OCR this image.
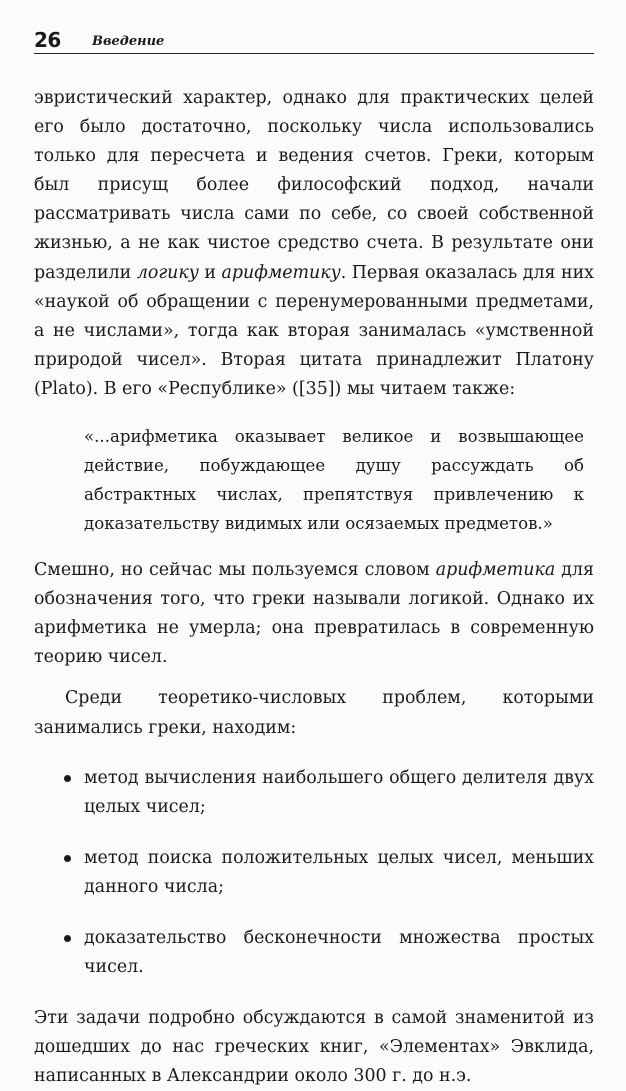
26 Введение

эвристический характер, однако для практических целей его было достаточно, поскольку числа использовались только для пересчета и ведения счетов. Греки, которым был присущ более философский подход, начали рассматривать числа сами по себе, со своей собственной жизнью, а не как чистое средство счета. В результате они разделили логику и арифметику. Первая оказалась для них «наукой об обращении с перенумерованными предметами, а не числами», тогда как вторая занималась «умственной природой чисел». Вторая цитата принадлежит Платону (Plato). В его «Республике» ([35]) мы читаем также:

«...арифметика оказывает великое и возвышающее действие, побуждающее душу рассуждать об абстрактных числах, препятствуя привлечению к доказательству видимых или осязаемых предметов.»

Смешно, но сейчас мы пользуемся словом арифметика для обозначения того, что греки называли логикой. Однако их арифметика не умерла; она превратилась в современную теорию чисел.

Среди теоретико-числовых проблем, которыми занимались греки, находим:

метод вычисления наибольшего общего делителя двух целых чисел;

метод поиска положительных целых чисел, меньших данного числа;

доказательство бесконечности множества простых чисел.

Эти задачи подробно обсуждаются в самой знаменитой из дошедших до нас греческих книг, «Элементах» Эвклида, написанных в Александрии около 300 г. до н.э.
